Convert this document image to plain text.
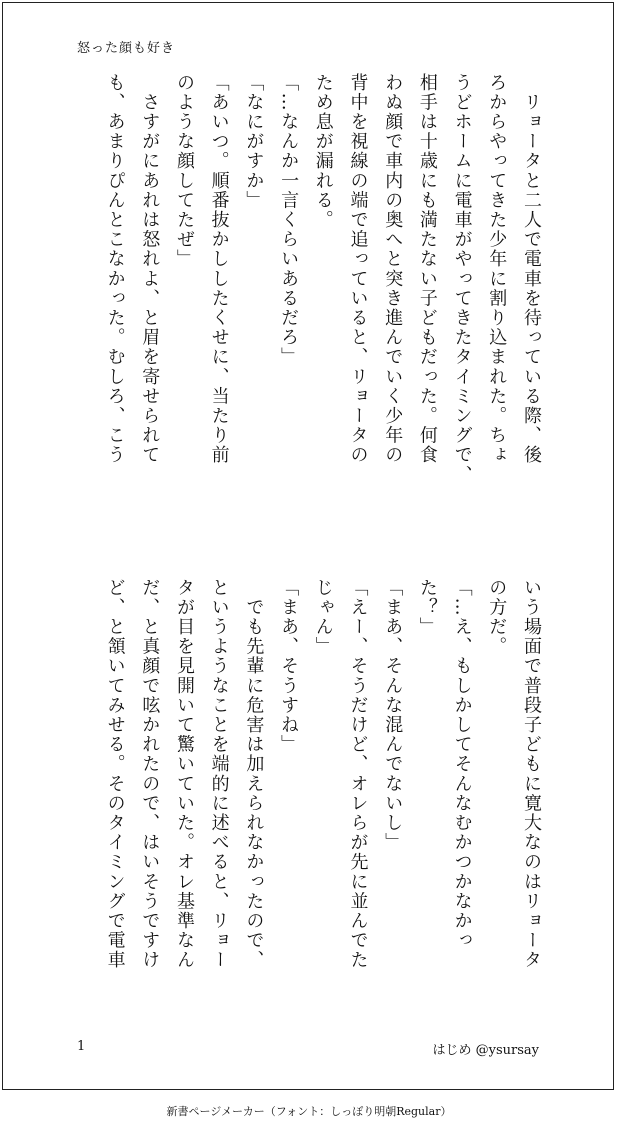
怒った顔も好き
　リョータと二人で電車を待っている際、後
ろからやってきた少年に割り込まれた。ちょ
うどホームに電車がやってきたタイミングで、
相手は十歳にも満たない子どもだった。何食
わぬ顔で車内の奥へと突き進んでいく少年の
背中を視線の端で追っていると、リョータの
ため息が漏れる。
「…なんか一言くらいあるだろ」
「なにがすか」
「あいつ。順番抜かししたくせに、当たり前
のような顔してたぜ」
　さすがにあれは怒れよ、と眉を寄せられて
も、あまりぴんとこなかった。むしろ、こう
いう場面で普段子どもに寛大なのはリョータ
の方だ。
「…え、もしかしてそんなむかつかなかっ
た？」
「まあ、そんな混んでないし」
「えー、そうだけど、オレらが先に並んでた
じゃん」
「まあ、そうすね」
　でも先輩に危害は加えられなかったので、
というようなことを端的に述べると、リョー
タが目を見開いて驚いていた。オレ基準なん
だ、と真顔で呟かれたので、はいそうですけ
ど、と頷いてみせる。そのタイミングで電車
1	はじめ @ysursay
新書ページメーカー（フォント：しっぽり明朝Regular）
